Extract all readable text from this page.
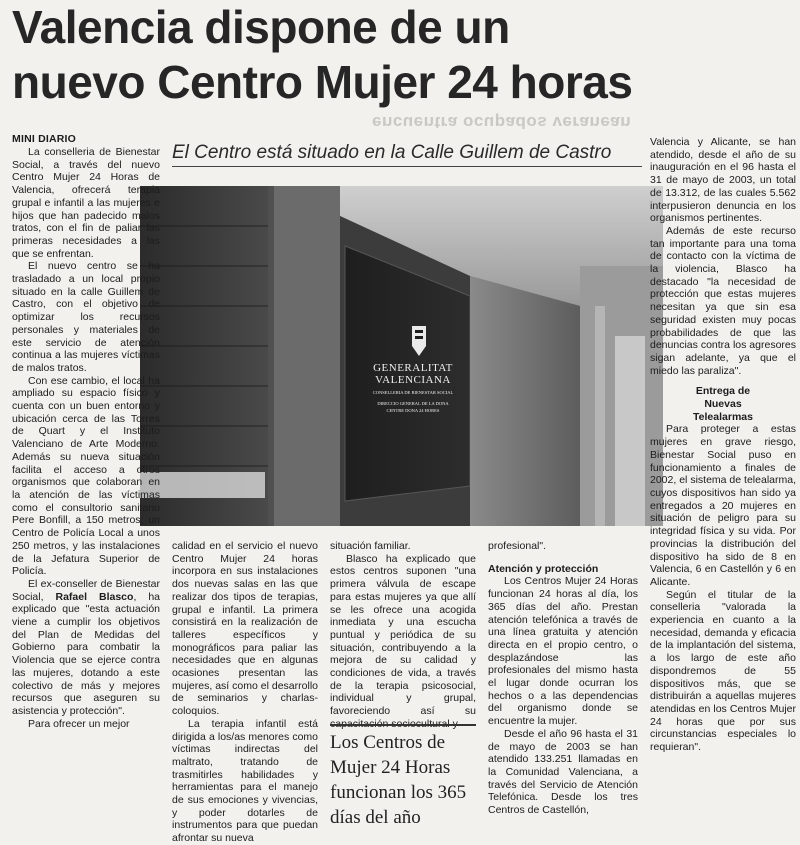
Valencia dispone de un
nuevo Centro Mujer 24 horas
encuentra ocupados veranean
MINI DIARIO
El Centro está situado en la Calle Guillem de Castro
GENERALITAT
VALENCIANA
CONSELLERIA DE BIENESTAR SOCIAL
DIRECCIO GENERAL DE LA DONA
CENTRE DONA 24 HORES

La conselleria de Bienestar Social, a través del nuevo Centro Mujer 24 Horas de Valencia, ofrecerá terapia grupal e infantil a las mujeres e hijos que han padecido malos tratos, con el fin de paliar las primeras necesidades a las que se enfrentan.

El nuevo centro se ha trasladado a un local propio situado en la calle Guillem de Castro, con el objetivo de optimizar los recursos personales y materiales de este servicio de atención continua a las mujeres víctimas de malos tratos.

Con ese cambio, el local ha ampliado su espacio físico y cuenta con un buen entorno y ubicación cerca de las Torres de Quart y el Instituto Valenciano de Arte Moderno. Además su nueva situación facilita el acceso a otros organismos que colaboran en la atención de las víctimas como el consultorio sanitario Pere Bonfill, a 150 metros; un Centro de Policía Local a unos 250 metros, y las instalaciones de la Jefatura Superior de Policía.

El ex-conseller de Bienestar Social, Rafael Blasco, ha explicado que "esta actuación viene a cumplir los objetivos del Plan de Medidas del Gobierno para combatir la Violencia que se ejerce contra las mujeres, dotando a este colectivo de más y mejores recursos que aseguren su asistencia y protección".

Para ofrecer un mejor

calidad en el servicio el nuevo Centro Mujer 24 horas incorpora en sus instalaciones dos nuevas salas en las que realizar dos tipos de terapias, grupal e infantil. La primera consistirá en la realización de talleres específicos y monográficos para paliar las necesidades que en algunas ocasiones presentan las mujeres, así como el desarrollo de seminarios y charlas-coloquios.

La terapia infantil está dirigida a los/as menores como víctimas indirectas del maltrato, tratando de trasmitirles habilidades y herramientas para el manejo de sus emociones y vivencias, y poder dotarles de instrumentos para que puedan afrontar su nueva

situación familiar.

Blasco ha explicado que estos centros suponen "una primera válvula de escape para estas mujeres ya que allí se les ofrece una acogida inmediata y una escucha puntual y periódica de su situación, contribuyendo a la mejora de su calidad y condiciones de vida, a través de la terapia psicosocial, individual y grupal, favoreciendo así su capacitación sociocultural y

Los Centros de Mujer 24 Horas funcionan los 365 días del año

profesional".

Atención y protección

Los Centros Mujer 24 Horas funcionan 24 horas al día, los 365 días del año. Prestan atención telefónica a través de una línea gratuita y atención directa en el propio centro, o desplazándose las profesionales del mismo hasta el lugar donde ocurran los hechos o a las dependencias del organismo donde se encuentre la mujer.

Desde el año 96 hasta el 31 de mayo de 2003 se han atendido 133.251 llamadas en la Comunidad Valenciana, a través del Servicio de Atención Telefónica. Desde los tres Centros de Castellón,

Valencia y Alicante, se han atendido, desde el año de su inauguración en el 96 hasta el 31 de mayo de 2003, un total de 13.312, de las cuales 5.562 interpusieron denuncia en los organismos pertinentes.

Además de este recurso tan importante para una toma de contacto con la víctima de la violencia, Blasco ha destacado "la necesidad de protección que estas mujeres necesitan ya que sin esa seguridad existen muy pocas probabilidades de que las denuncias contra los agresores sigan adelante, ya que el miedo las paraliza".

Entrega de Nuevas Telealarmas

Para proteger a estas mujeres en grave riesgo, Bienestar Social puso en funcionamiento a finales de 2002, el sistema de telealarma, cuyos dispositivos han sido ya entregados a 20 mujeres en situación de peligro para su integridad física y su vida. Por provincias la distribución del dispositivo ha sido de 8 en Valencia, 6 en Castellón y 6 en Alicante.

Según el titular de la conselleria "valorada la experiencia en cuanto a la necesidad, demanda y eficacia de la implantación del sistema, a los largo de este año dispondremos de 55 dispositivos más, que se distribuirán a aquellas mujeres atendidas en los Centros Mujer 24 horas que por sus circunstancias especiales lo requieran".
